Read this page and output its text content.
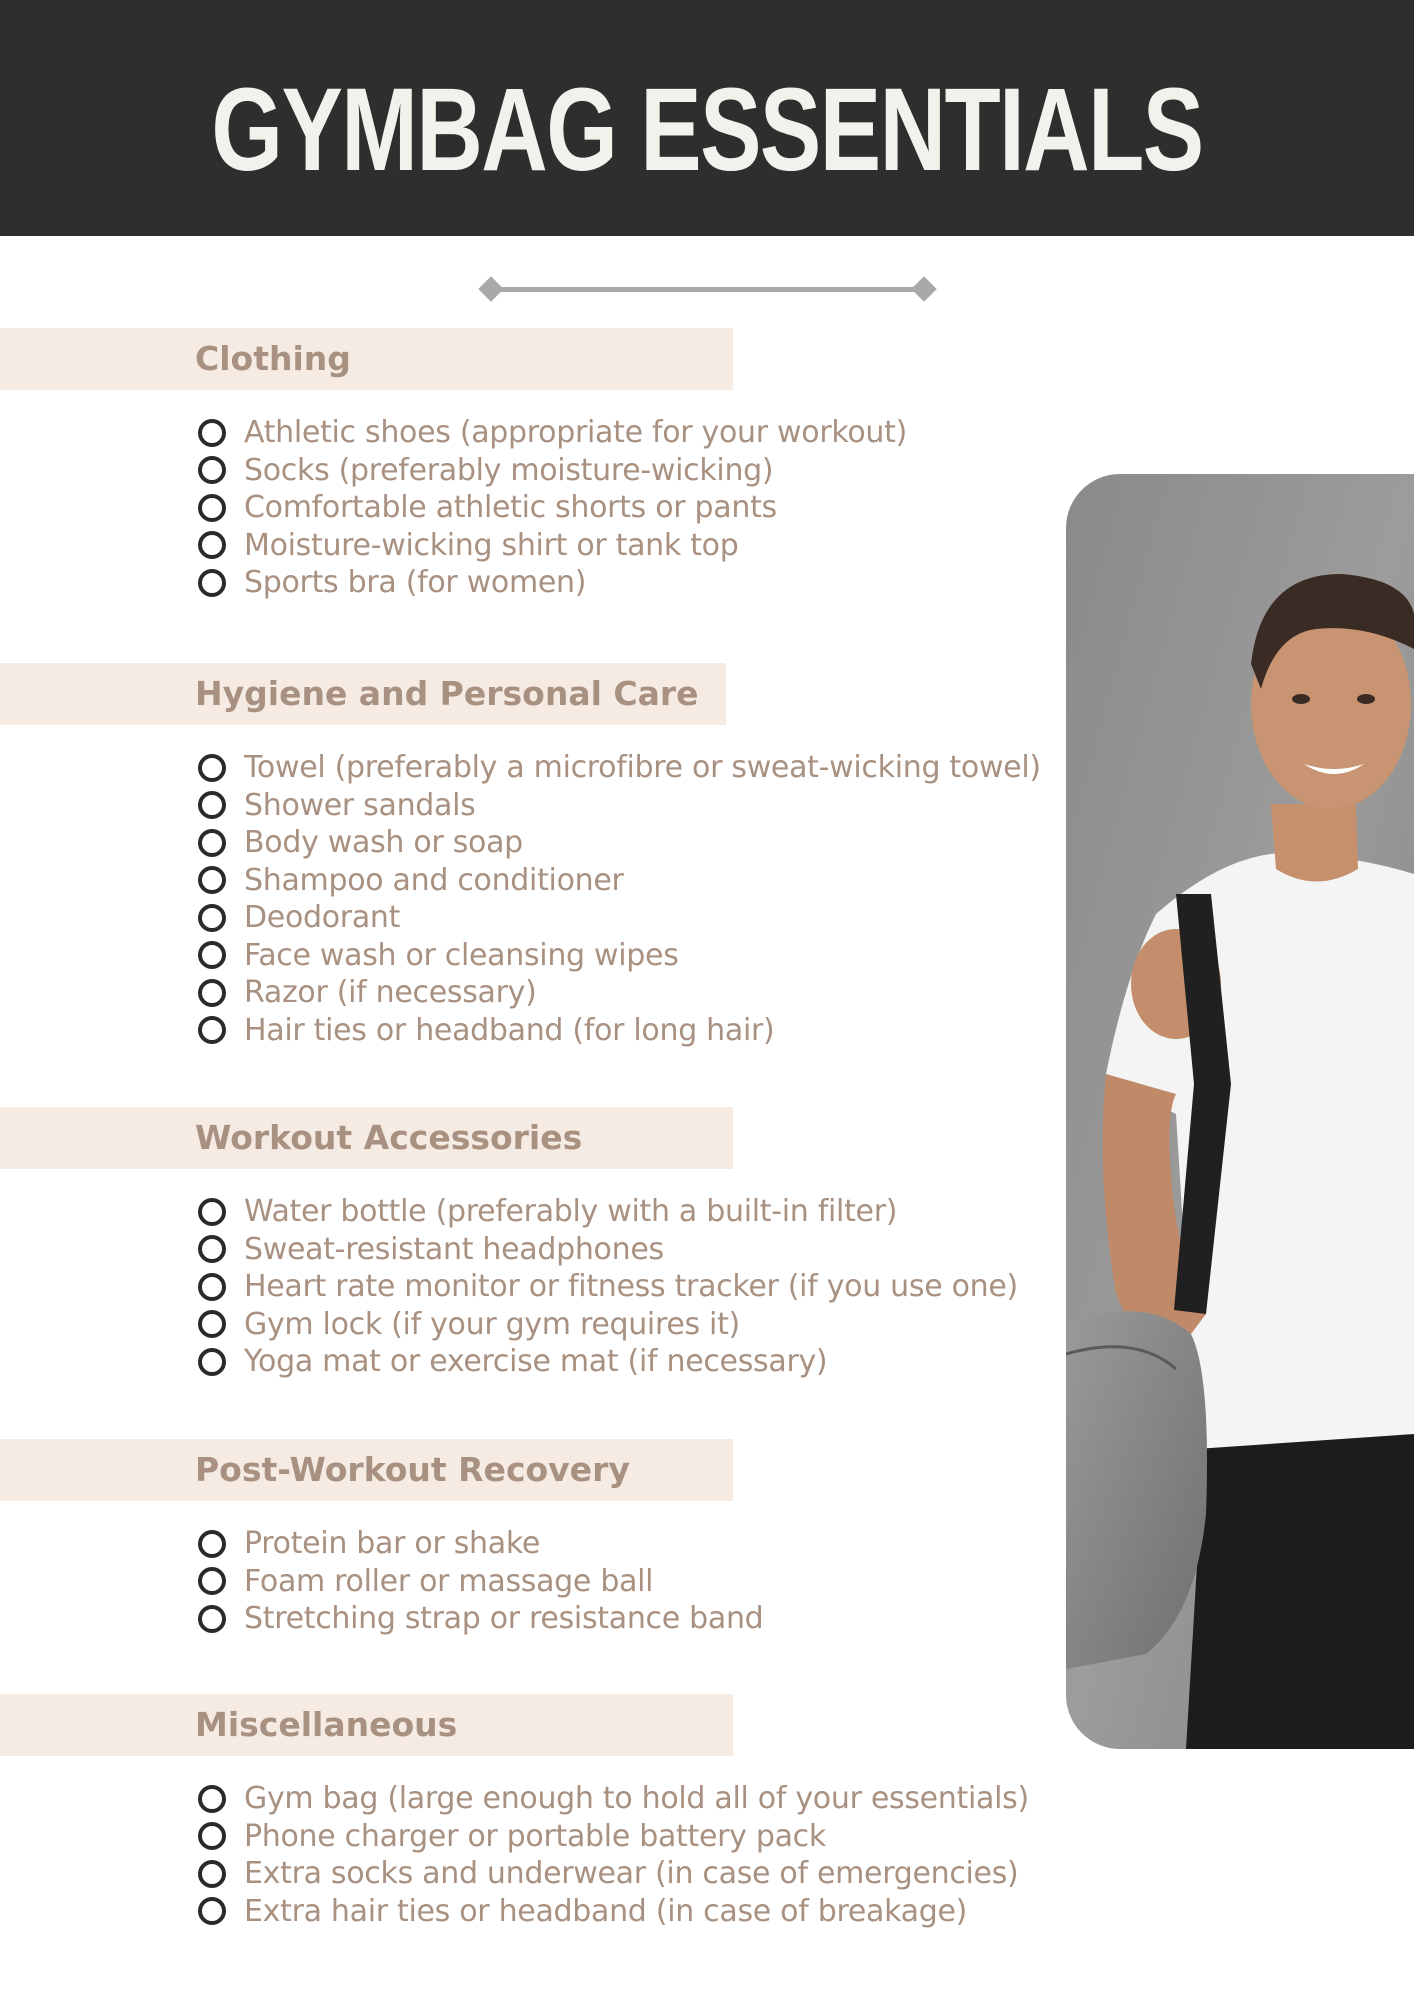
GYMBAG ESSENTIALS
Clothing
Athletic shoes (appropriate for your workout)
Socks (preferably moisture-wicking)
Comfortable athletic shorts or pants
Moisture-wicking shirt or tank top
Sports bra (for women)
Hygiene and Personal Care
Towel (preferably a microfibre or sweat-wicking towel)
Shower sandals
Body wash or soap
Shampoo and conditioner
Deodorant
Face wash or cleansing wipes
Razor (if necessary)
Hair ties or headband (for long hair)
Workout Accessories
Water bottle (preferably with a built-in filter)
Sweat-resistant headphones
Heart rate monitor or fitness tracker (if you use one)
Gym lock (if your gym requires it)
Yoga mat or exercise mat (if necessary)
Post-Workout Recovery
Protein bar or shake
Foam roller or massage ball
Stretching strap or resistance band
Miscellaneous
Gym bag (large enough to hold all of your essentials)
Phone charger or portable battery pack
Extra socks and underwear (in case of emergencies)
Extra hair ties or headband (in case of breakage)
